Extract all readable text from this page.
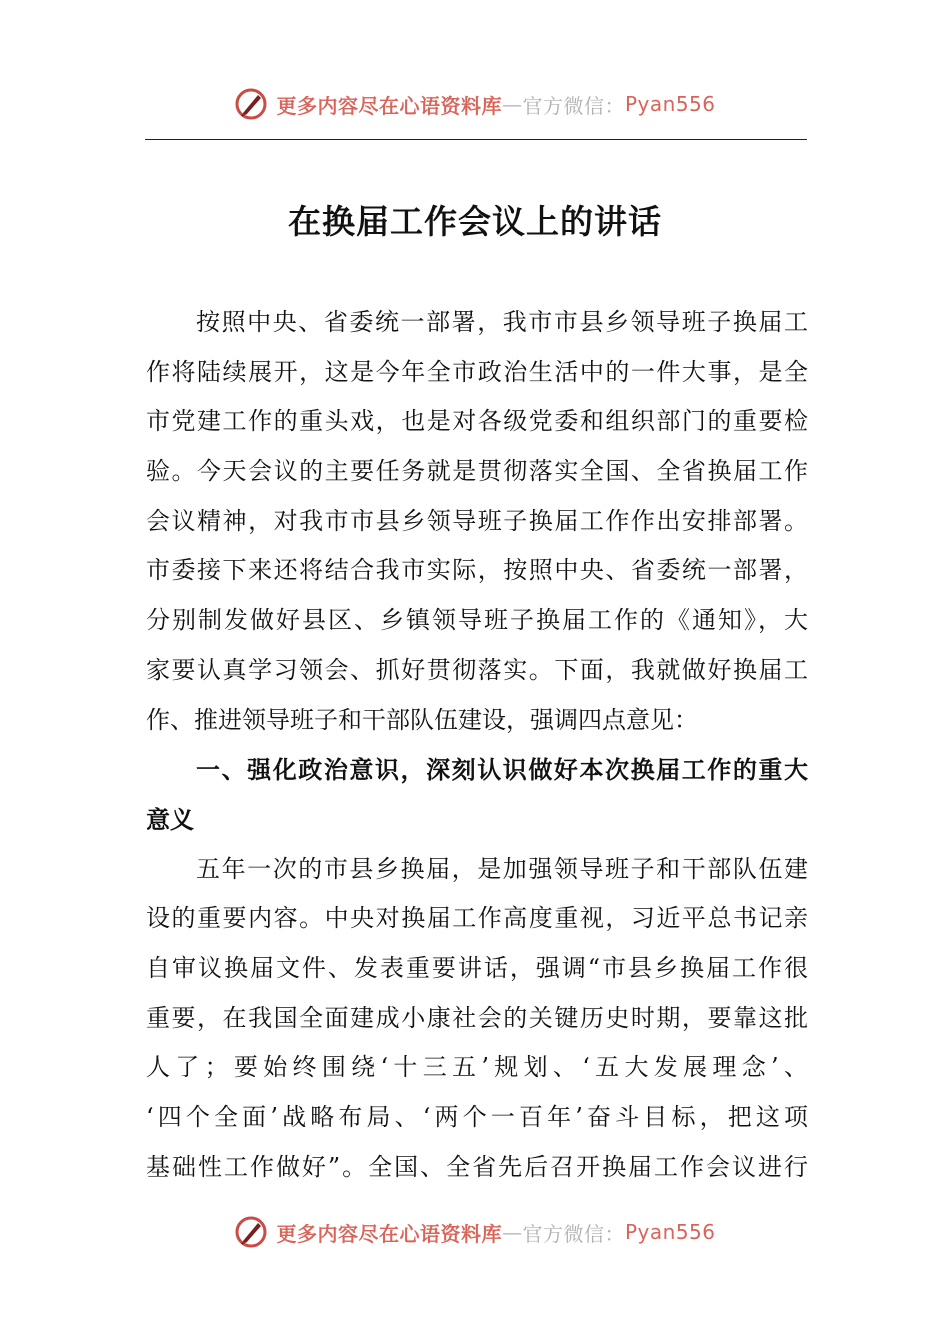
更多内容尽在心语资料库 — 官方微信： Pyan556
在换届工作会议上的讲话
按照中央、省委统一部署，我市市县乡领导班子换届工
作将陆续展开，这是今年全市政治生活中的一件大事，是全
市党建工作的重头戏，也是对各级党委和组织部门的重要检
验。今天会议的主要任务就是贯彻落实全国、全省换届工作
会议精神，对我市市县乡领导班子换届工作作出安排部署。
市委接下来还将结合我市实际，按照中央、省委统一部署，
分别制发做好县区、乡镇领导班子换届工作的《通知》，大
家要认真学习领会、抓好贯彻落实。下面，我就做好换届工
作、推进领导班子和干部队伍建设，强调四点意见：
一、强化政治意识，深刻认识做好本次换届工作的重大
意义
五年一次的市县乡换届，是加强领导班子和干部队伍建
设的重要内容。中央对换届工作高度重视，习近平总书记亲
自审议换届文件、发表重要讲话，强调“市县乡换届工作很
重要，在我国全面建成小康社会的关键历史时期，要靠这批
人了；要始终围绕‘十三五’规划、‘五大发展理念’、
‘四个全面’战略布局、‘两个一百年’奋斗目标，把这项
基础性工作做好”。全国、全省先后召开换届工作会议进行
更多内容尽在心语资料库 — 官方微信： Pyan556
